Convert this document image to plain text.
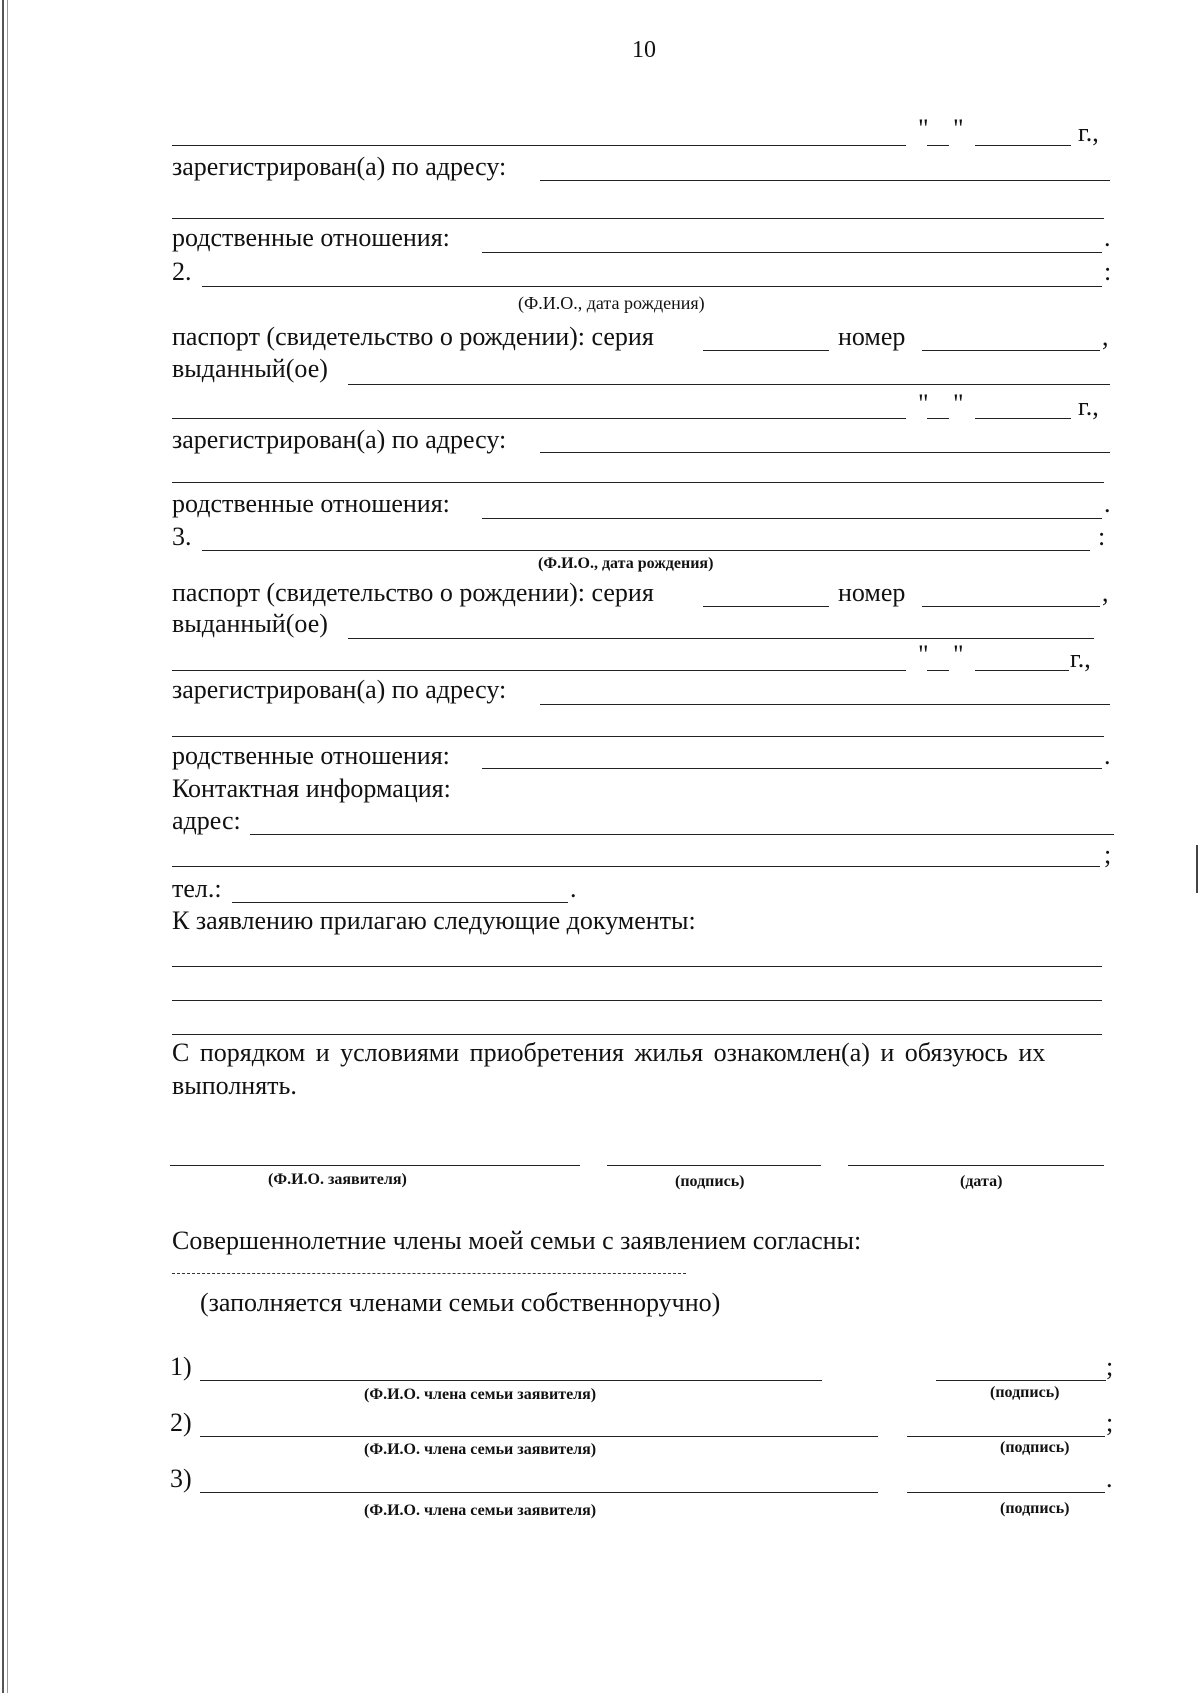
10
" "	г.,
зарегистрирован(а) по адресу:
родственные отношения:	.
2.	:
(Ф.И.О., дата рождения)
паспорт (свидетельство о рождении): серия	номер	,
выданный(ое)
" "	г.,
зарегистрирован(а) по адресу:
родственные отношения:	.
3.	:
(Ф.И.О., дата рождения)
паспорт (свидетельство о рождении): серия	номер	,
выданный(ое)
" "	г.,
зарегистрирован(а) по адресу:
родственные отношения:	.
Контактная информация:
адрес:
;
тел.:	.
К заявлению прилагаю следующие документы:
С порядком и условиями приобретения жилья ознакомлен(а) и обязуюсь их
выполнять.
(Ф.И.О. заявителя)	(подпись)	(дата)
Совершеннолетние члены моей семьи с заявлением согласны:
(заполняется членами семьи собственноручно)
1)	;
(Ф.И.О. члена семьи заявителя)	(подпись)
2)	;
(Ф.И.О. члена семьи заявителя)	(подпись)
3)	.
(Ф.И.О. члена семьи заявителя)	(подпись)
